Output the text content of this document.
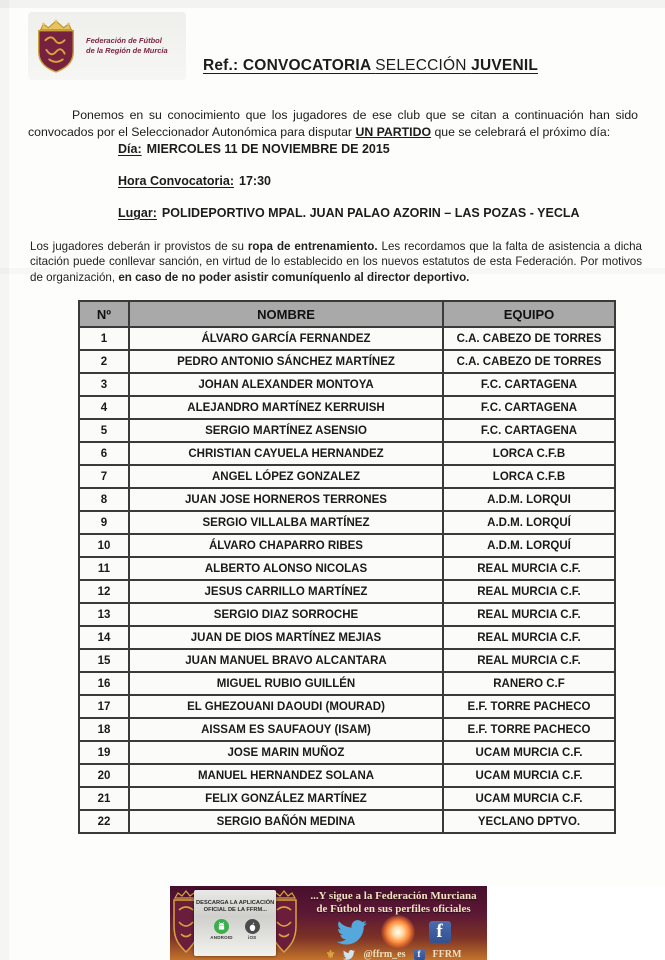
Federación de Fútbol
de la Región de Murcia
Ref.: CONVOCATORIA SELECCIÓN JUVENIL

Ponemos en su conocimiento que los jugadores de ese club que se citan a continuación han sido convocados por el Seleccionador Autonómica para disputar UN PARTIDO que se celebrará el próximo día:

Día: MIERCOLES 11 DE NOVIEMBRE DE 2015
Hora Convocatoria: 17:30
Lugar: POLIDEPORTIVO MPAL. JUAN PALAO AZORIN – LAS POZAS - YECLA

Los jugadores deberán ir provistos de su ropa de entrenamiento. Les recordamos que la falta de asistencia a dicha citación puede conllevar sanción, en virtud de lo establecido en los nuevos estatutos de esta Federación. Por motivos de organización, en caso de no poder asistir comuníquenlo al director deportivo.

Nº	NOMBRE	EQUIPO
1	ÁLVARO GARCÍA FERNANDEZ	C.A. CABEZO DE TORRES
2	PEDRO ANTONIO SÁNCHEZ MARTÍNEZ	C.A. CABEZO DE TORRES
3	JOHAN ALEXANDER MONTOYA	F.C. CARTAGENA
4	ALEJANDRO MARTÍNEZ KERRUISH	F.C. CARTAGENA
5	SERGIO MARTÍNEZ ASENSIO	F.C. CARTAGENA
6	CHRISTIAN CAYUELA HERNANDEZ	LORCA C.F.B
7	ANGEL LÓPEZ GONZALEZ	LORCA C.F.B
8	JUAN JOSE HORNEROS TERRONES	A.D.M. LORQUI
9	SERGIO VILLALBA MARTÍNEZ	A.D.M. LORQUÍ
10	ÁLVARO CHAPARRO RIBES	A.D.M. LORQUÍ
11	ALBERTO ALONSO NICOLAS	REAL MURCIA C.F.
12	JESUS CARRILLO MARTÍNEZ	REAL MURCIA C.F.
13	SERGIO DIAZ SORROCHE	REAL MURCIA C.F.
14	JUAN DE DIOS MARTÍNEZ MEJIAS	REAL MURCIA C.F.
15	JUAN MANUEL BRAVO ALCANTARA	REAL MURCIA C.F.
16	MIGUEL RUBIO GUILLÉN	RANERO C.F
17	EL GHEZOUANI DAOUDI (MOURAD)	E.F. TORRE PACHECO
18	AISSAM ES SAUFAOUY (ISAM)	E.F. TORRE PACHECO
19	JOSE MARIN MUÑOZ	UCAM MURCIA C.F.
20	MANUEL HERNANDEZ SOLANA	UCAM MURCIA C.F.
21	FELIX GONZÁLEZ MARTÍNEZ	UCAM MURCIA C.F.
22	SERGIO BAÑÓN MEDINA	YECLANO DPTVO.
DESCARGA LA APLICACIÓN
OFICIAL DE LA FFRM...
ANDROID	iOS
...Y sigue a la Federación Murciana
de Fútbol en sus perfiles oficiales
f
⚜	@ffrm_es	f	FFRM
